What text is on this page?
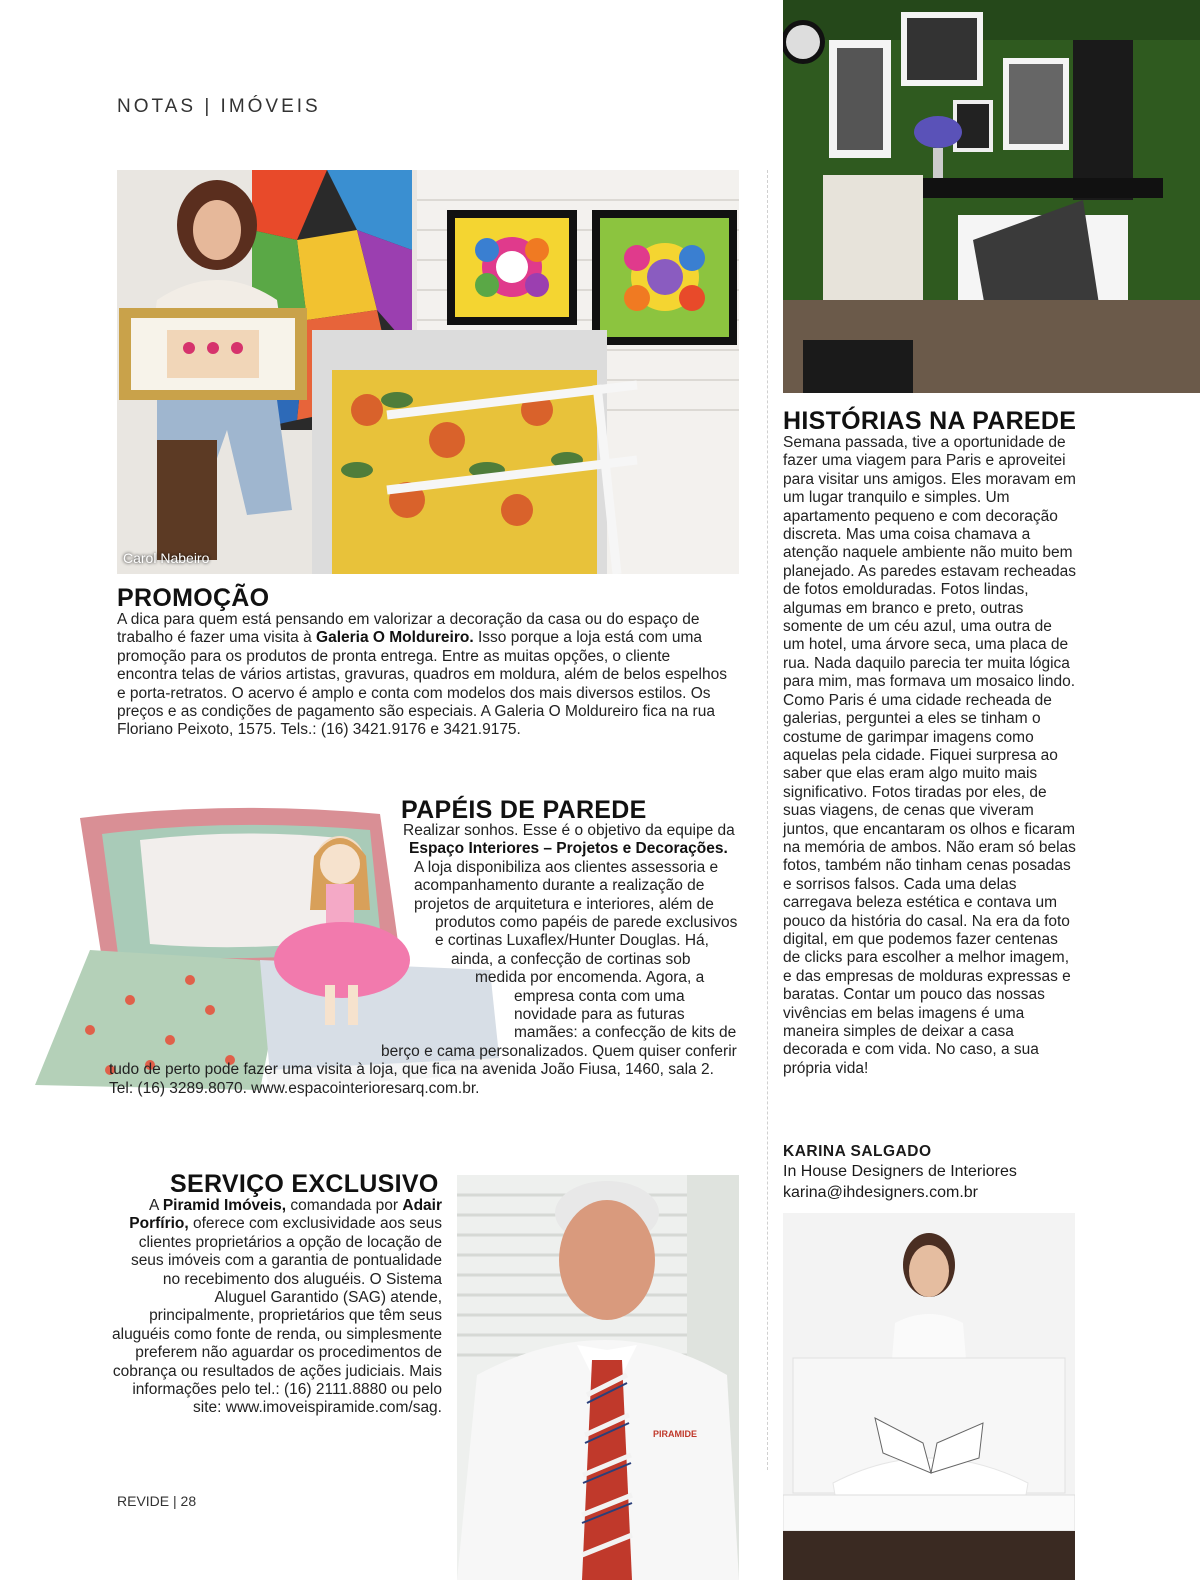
NOTAS | IMÓVEIS
Carol Nabeiro
PROMOÇÃO
A dica para quem está pensando em valorizar a decoração da casa ou do espaço de trabalho é fazer uma visita à Galeria O Moldureiro. Isso porque a loja está com uma promoção para os produtos de pronta entrega. Entre as muitas opções, o cliente encontra telas de vários artistas, gravuras, quadros em moldura, além de belos espelhos e porta-retratos. O acervo é amplo e conta com modelos dos mais diversos estilos. Os preços e as condições de pagamento são especiais. A Galeria O Moldureiro fica na rua Floriano Peixoto, 1575. Tels.: (16) 3421.9176 e 3421.9175.
PAPÉIS DE PAREDE
Realizar sonhos. Esse é o objetivo da equipe da Espaço Interiores – Projetos e Decorações. A loja disponibiliza aos clientes assessoria e acompanhamento durante a realização de projetos de arquitetura e interiores, além de produtos como papéis de parede exclusivos e cortinas Luxaflex/Hunter Douglas. Há, ainda, a confecção de cortinas sob medida por encomenda. Agora, a empresa conta com uma novidade para as futuras mamães: a confecção de kits de berço e cama personalizados. Quem quiser conferir tudo de perto pode fazer uma visita à loja, que fica na avenida João Fiusa, 1460, sala 2. Tel: (16) 3289.8070. www.espacointerioresarq.com.br.
PIRAMIDE
SERVIÇO EXCLUSIVO
A Piramid Imóveis, comandada por Adair Porfírio, oferece com exclusividade aos seus clientes proprietários a opção de locação de seus imóveis com a garantia de pontualidade no recebimento dos aluguéis. O Sistema Aluguel Garantido (SAG) atende, principalmente, proprietários que têm seus aluguéis como fonte de renda, ou simplesmente preferem não aguardar os procedimentos de cobrança ou resultados de ações judiciais. Mais informações pelo tel.: (16) 2111.8880 ou pelo site: www.imoveispiramide.com/sag.
HISTÓRIAS NA PAREDE
Semana passada, tive a oportunidade de fazer uma viagem para Paris e aproveitei para visitar uns amigos. Eles moravam em um lugar tranquilo e simples. Um apartamento pequeno e com decoração discreta. Mas uma coisa chamava a atenção naquele ambiente não muito bem planejado. As paredes estavam recheadas de fotos emolduradas. Fotos lindas, algumas em branco e preto, outras somente de um céu azul, uma outra de um hotel, uma árvore seca, uma placa de rua. Nada daquilo parecia ter muita lógica para mim, mas formava um mosaico lindo. Como Paris é uma cidade recheada de galerias, perguntei a eles se tinham o costume de garimpar imagens como aquelas pela cidade. Fiquei surpresa ao saber que elas eram algo muito mais significativo. Fotos tiradas por eles, de suas viagens, de cenas que viveram juntos, que encantaram os olhos e ficaram na memória de ambos. Não eram só belas fotos, também não tinham cenas posadas e sorrisos falsos. Cada uma delas carregava beleza estética e contava um pouco da história do casal. Na era da foto digital, em que podemos fazer centenas de clicks para escolher a melhor imagem, e das empresas de molduras expressas e baratas. Contar um pouco das nossas vivências em belas imagens é uma maneira simples de deixar a casa decorada e com vida. No caso, a sua própria vida!
KARINA SALGADO
In House Designers de Interiores
karina@ihdesigners.com.br
REVIDE | 28
